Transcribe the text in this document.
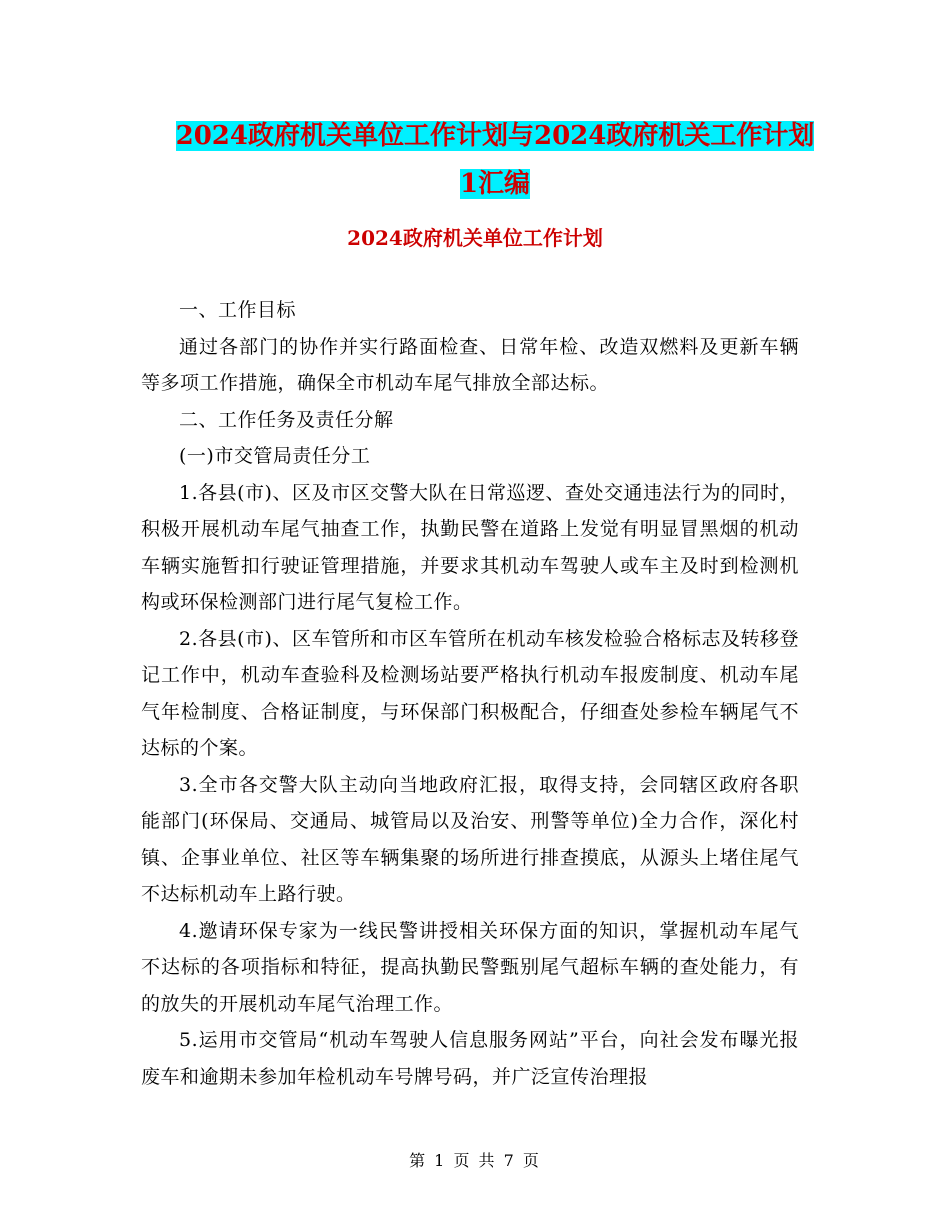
2024政府机关单位工作计划与2024政府机关工作计划
1汇编
2024政府机关单位工作计划

一、工作目标

通过各部门的协作并实行路面检查、日常年检、改造双燃料及更新车辆等多项工作措施，确保全市机动车尾气排放全部达标。

二、工作任务及责任分解

(一)市交管局责任分工

1.各县(市)、区及市区交警大队在日常巡逻、查处交通违法行为的同时，积极开展机动车尾气抽查工作，执勤民警在道路上发觉有明显冒黑烟的机动车辆实施暂扣行驶证管理措施，并要求其机动车驾驶人或车主及时到检测机构或环保检测部门进行尾气复检工作。

2.各县(市)、区车管所和市区车管所在机动车核发检验合格标志及转移登记工作中，机动车查验科及检测场站要严格执行机动车报废制度、机动车尾气年检制度、合格证制度，与环保部门积极配合，仔细查处参检车辆尾气不达标的个案。

3.全市各交警大队主动向当地政府汇报，取得支持，会同辖区政府各职能部门(环保局、交通局、城管局以及治安、刑警等单位)全力合作，深化村镇、企事业单位、社区等车辆集聚的场所进行排查摸底，从源头上堵住尾气不达标机动车上路行驶。

4.邀请环保专家为一线民警讲授相关环保方面的知识，掌握机动车尾气不达标的各项指标和特征，提高执勤民警甄别尾气超标车辆的查处能力，有的放失的开展机动车尾气治理工作。

5.运用市交管局“机动车驾驶人信息服务网站”平台，向社会发布曝光报废车和逾期未参加年检机动车号牌号码，并广泛宣传治理报

第 1 页 共 7 页
